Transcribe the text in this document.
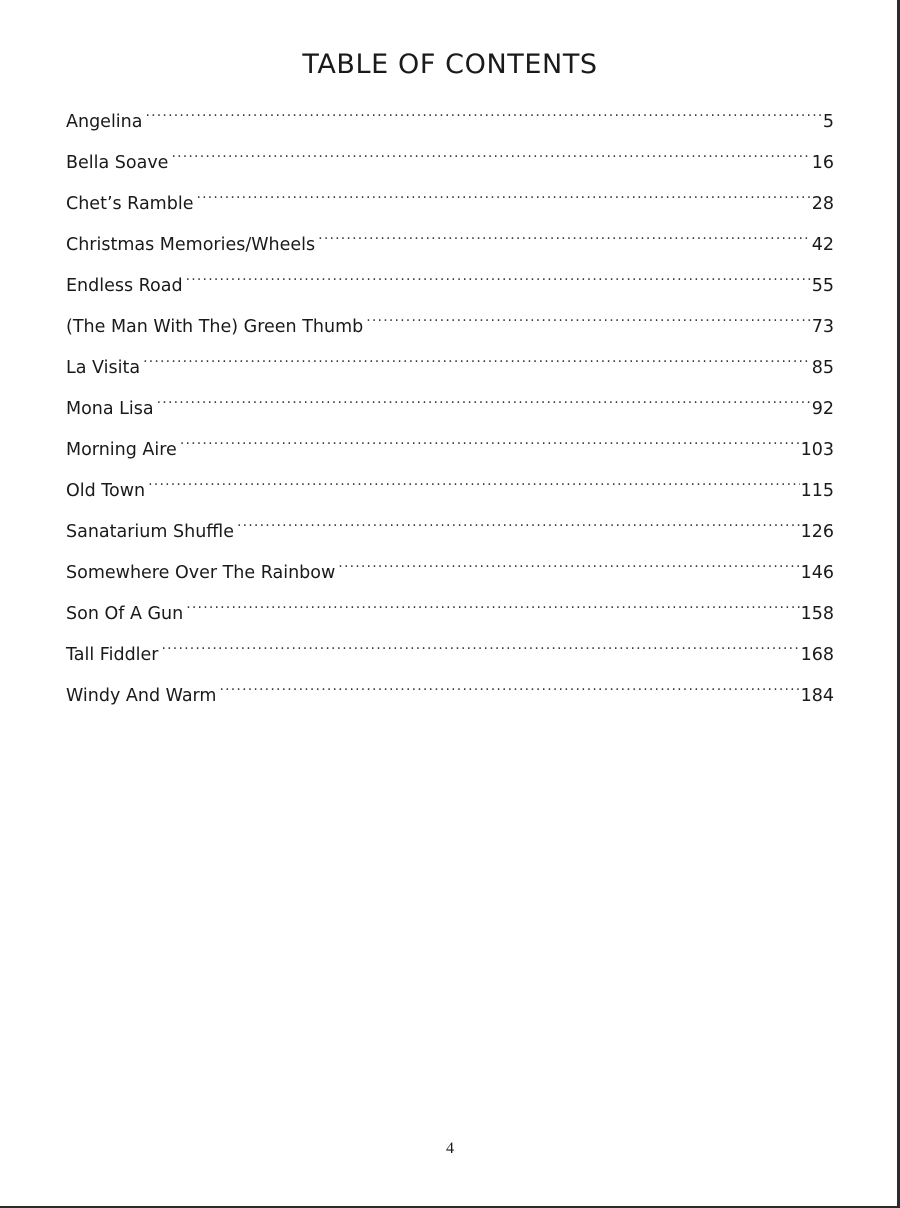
TABLE OF CONTENTS
Angelina .....	5
Bella Soave .....	16
Chet’s Ramble .....	28
Christmas Memories/Wheels .....	42
Endless Road .....	55
(The Man With The) Green Thumb .....	73
La Visita .....	85
Mona Lisa .....	92
Morning Aire .....	103
Old Town .....	115
Sanatarium Shuffle .....	126
Somewhere Over The Rainbow .....	146
Son Of A Gun .....	158
Tall Fiddler .....	168
Windy And Warm .....	184
4
